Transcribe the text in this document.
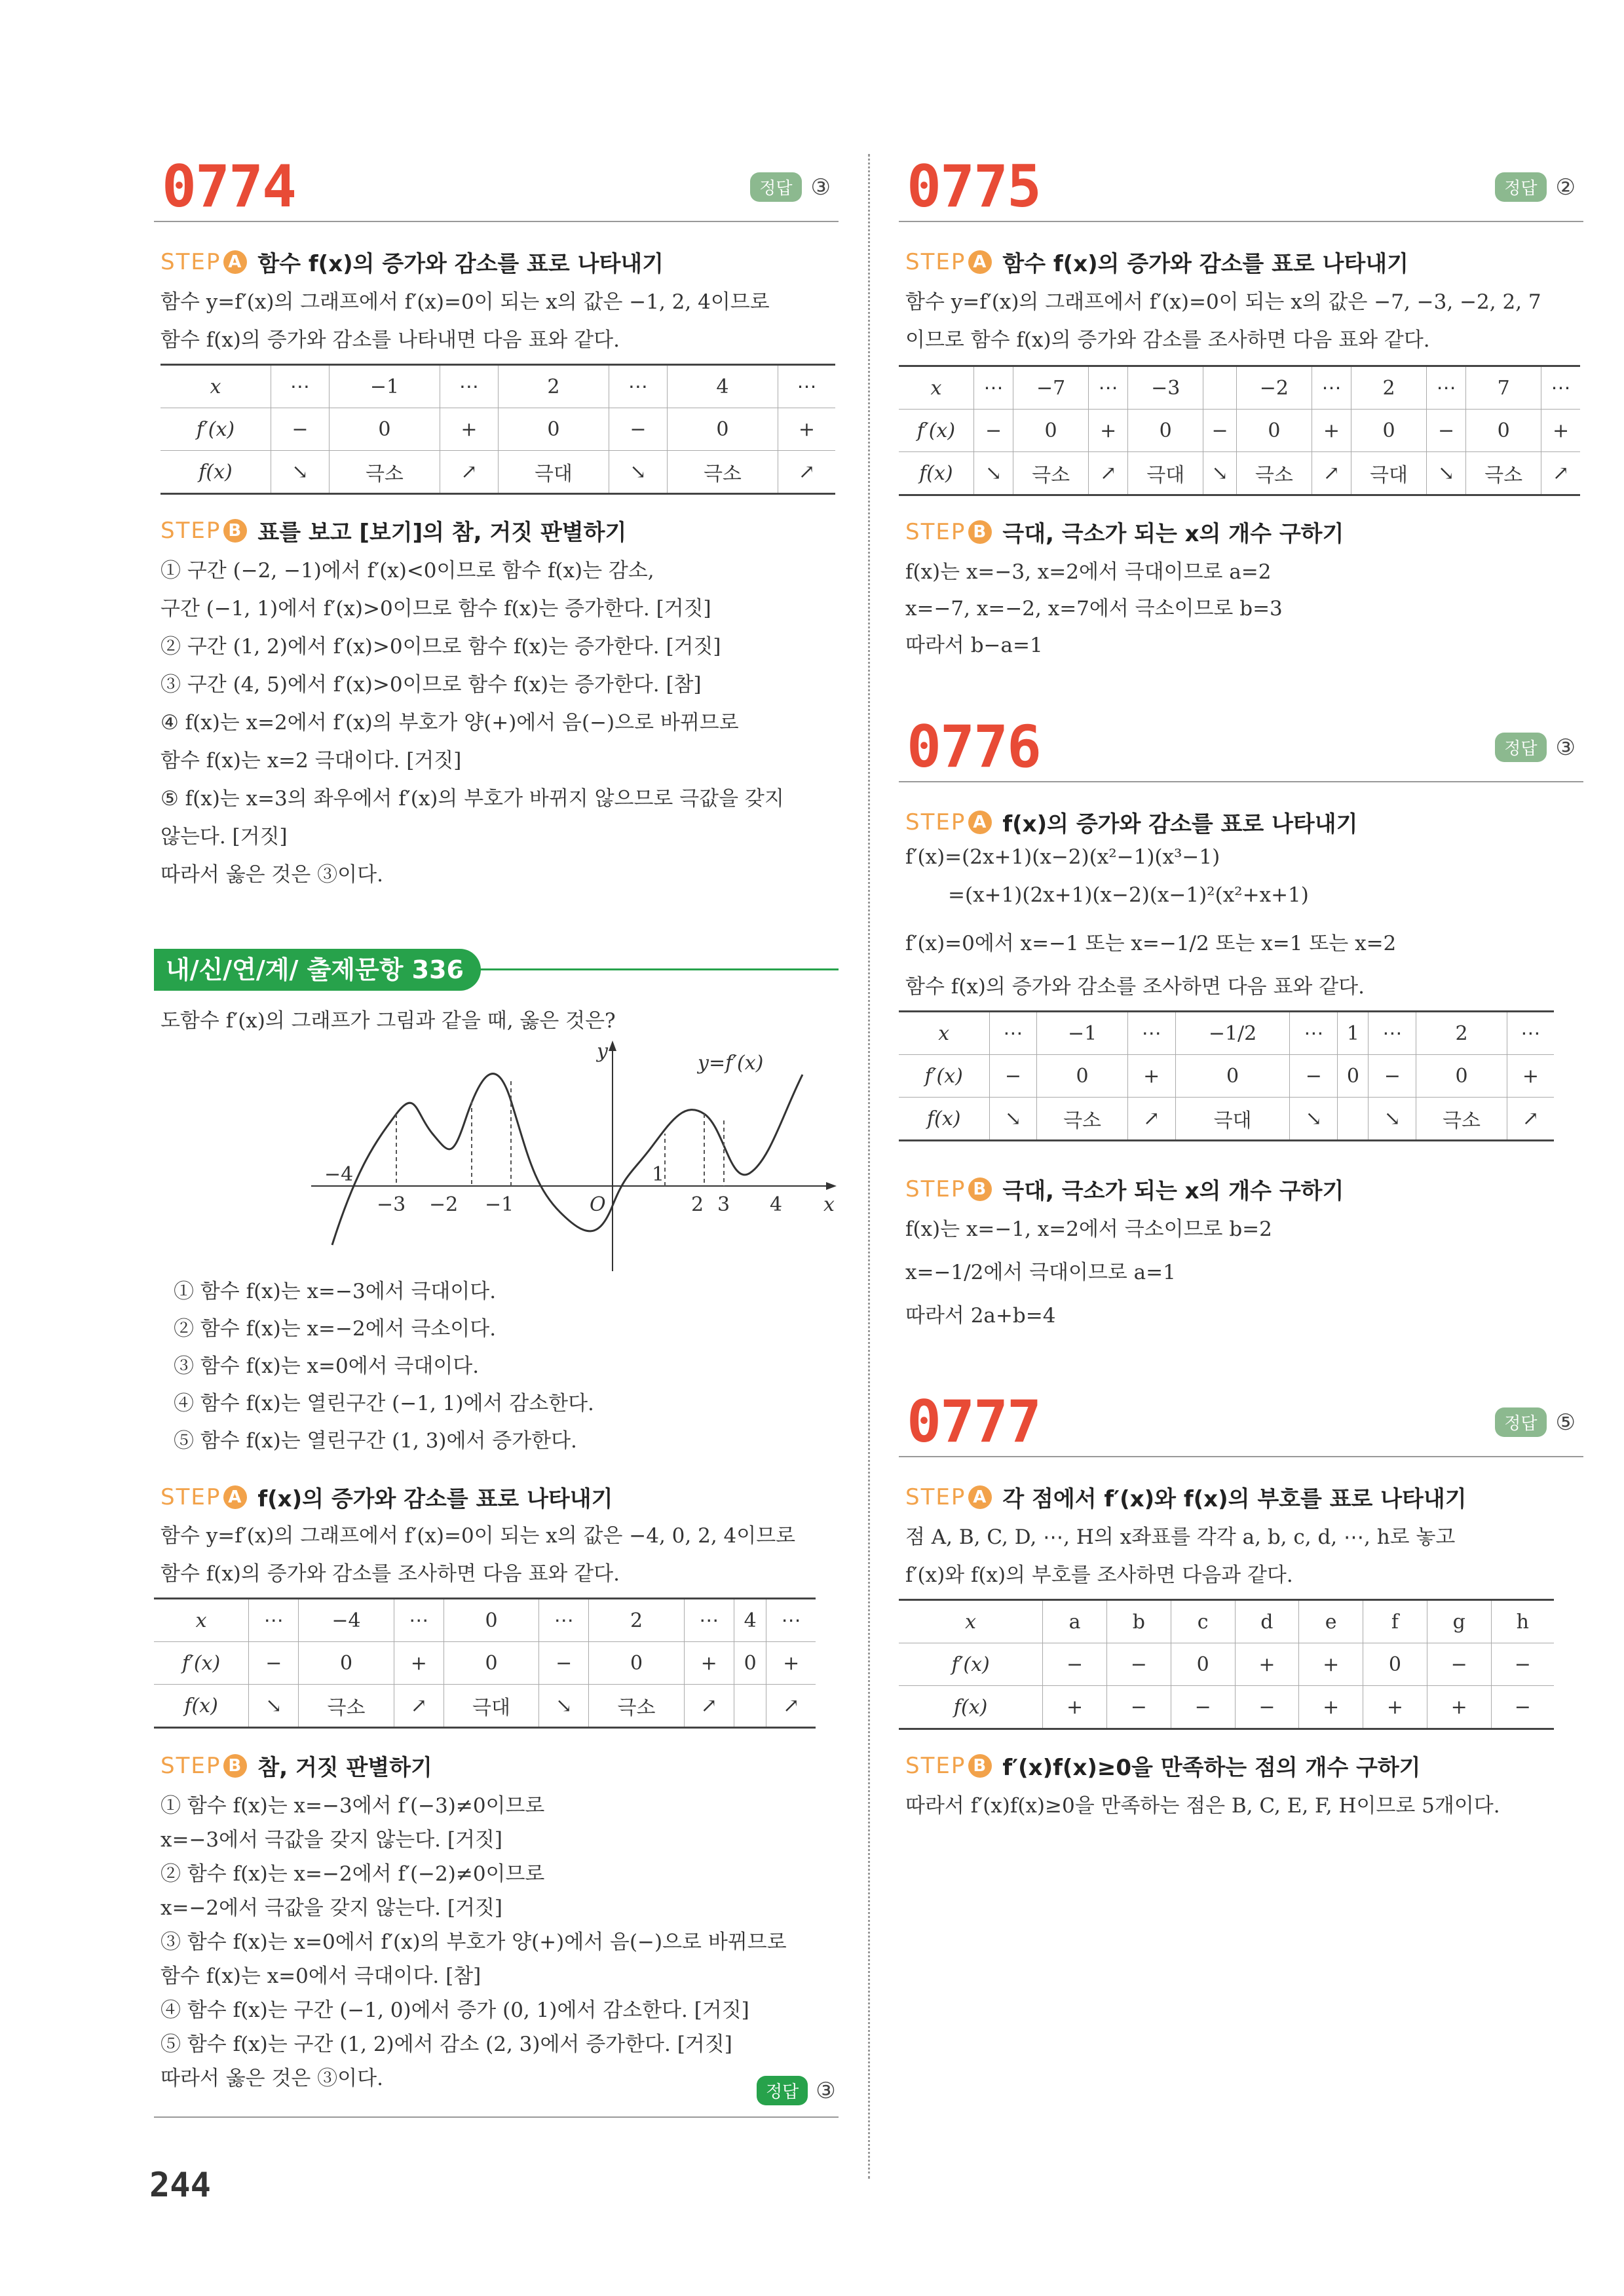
0774	정답 ③
STEP A 함수 f(x)의 증가와 감소를 표로 나타내기
함수 y=f′(x)의 그래프에서 f′(x)=0이 되는 x의 값은 −1, 2, 4이므로
함수 f(x)의 증가와 감소를 나타내면 다음 표와 같다.
x	⋯	−1	⋯	2	⋯	4	⋯
f′(x)	−	0	+	0	−	0	+
f(x)	↘	극소	↗	극대	↘	극소	↗
STEP B 표를 보고 [보기]의 참, 거짓 판별하기
① 구간 (−2, −1)에서 f′(x)<0이므로 함수 f(x)는 감소,
구간 (−1, 1)에서 f′(x)>0이므로 함수 f(x)는 증가한다. [거짓]
② 구간 (1, 2)에서 f′(x)>0이므로 함수 f(x)는 증가한다. [거짓]
③ 구간 (4, 5)에서 f′(x)>0이므로 함수 f(x)는 증가한다. [참]
④ f(x)는 x=2에서 f′(x)의 부호가 양(+)에서 음(−)으로 바뀌므로
함수 f(x)는 x=2 극대이다. [거짓]
⑤ f(x)는 x=3의 좌우에서 f′(x)의 부호가 바뀌지 않으므로 극값을 갖지
않는다. [거짓]
따라서 옳은 것은 ③이다.
내/신/연/계/ 출제문항 336
도함수 f′(x)의 그래프가 그림과 같을 때, 옳은 것은?
y
x
y=f′(x)
−4
−3 −2 −1	O
1
2 3 4
① 함수 f(x)는 x=−3에서 극대이다.
② 함수 f(x)는 x=−2에서 극소이다.
③ 함수 f(x)는 x=0에서 극대이다.
④ 함수 f(x)는 열린구간 (−1, 1)에서 감소한다.
⑤ 함수 f(x)는 열린구간 (1, 3)에서 증가한다.
STEP A f(x)의 증가와 감소를 표로 나타내기
함수 y=f′(x)의 그래프에서 f′(x)=0이 되는 x의 값은 −4, 0, 2, 4이므로
함수 f(x)의 증가와 감소를 조사하면 다음 표와 같다.
x	⋯	−4	⋯	0	⋯	2	⋯	4	⋯
f′(x)	−	0	+	0	−	0	+	0	+
f(x)	↘	극소	↗	극대	↘	극소	↗		↗
STEP B 참, 거짓 판별하기
① 함수 f(x)는 x=−3에서 f′(−3)≠0이므로
x=−3에서 극값을 갖지 않는다. [거짓]
② 함수 f(x)는 x=−2에서 f′(−2)≠0이므로
x=−2에서 극값을 갖지 않는다. [거짓]
③ 함수 f(x)는 x=0에서 f′(x)의 부호가 양(+)에서 음(−)으로 바뀌므로
함수 f(x)는 x=0에서 극대이다. [참]
④ 함수 f(x)는 구간 (−1, 0)에서 증가 (0, 1)에서 감소한다. [거짓]
⑤ 함수 f(x)는 구간 (1, 2)에서 감소 (2, 3)에서 증가한다. [거짓]
따라서 옳은 것은 ③이다.
정답 ③
0775	정답 ②
STEP A 함수 f(x)의 증가와 감소를 표로 나타내기
함수 y=f′(x)의 그래프에서 f′(x)=0이 되는 x의 값은 −7, −3, −2, 2, 7
이므로 함수 f(x)의 증가와 감소를 조사하면 다음 표와 같다.
x	⋯	−7	⋯	−3		−2	⋯	2	⋯	7	⋯
f′(x)	−	0	+	0	−	0	+	0	−	0	+
f(x)	↘	극소	↗	극대	↘	극소	↗	극대	↘	극소	↗
STEP B 극대, 극소가 되는 x의 개수 구하기
f(x)는 x=−3, x=2에서 극대이므로 a=2
x=−7, x=−2, x=7에서 극소이므로 b=3
따라서 b−a=1
0776	정답 ③
STEP A f(x)의 증가와 감소를 표로 나타내기
f′(x)=(2x+1)(x−2)(x²−1)(x³−1)
=(x+1)(2x+1)(x−2)(x−1)²(x²+x+1)
f′(x)=0에서 x=−1 또는 x=−1/2 또는 x=1 또는 x=2
함수 f(x)의 증가와 감소를 조사하면 다음 표와 같다.
x	⋯	−1	⋯	−1/2	⋯	1	⋯	2	⋯
f′(x)	−	0	+	0	−	0	−	0	+
f(x)	↘	극소	↗	극대	↘		↘	극소	↗
STEP B 극대, 극소가 되는 x의 개수 구하기
f(x)는 x=−1, x=2에서 극소이므로 b=2
x=−1/2에서 극대이므로 a=1
따라서 2a+b=4
0777	정답 ⑤
STEP A 각 점에서 f′(x)와 f(x)의 부호를 표로 나타내기
점 A, B, C, D, ⋯, H의 x좌표를 각각 a, b, c, d, ⋯, h로 놓고
f′(x)와 f(x)의 부호를 조사하면 다음과 같다.
x	a	b	c	d	e	f	g	h
f′(x)	−	−	0	+	+	0	−	−
f(x)	+	−	−	−	+	+	+	−
STEP B f′(x)f(x)≥0을 만족하는 점의 개수 구하기
따라서 f′(x)f(x)≥0을 만족하는 점은 B, C, E, F, H이므로 5개이다.
244
